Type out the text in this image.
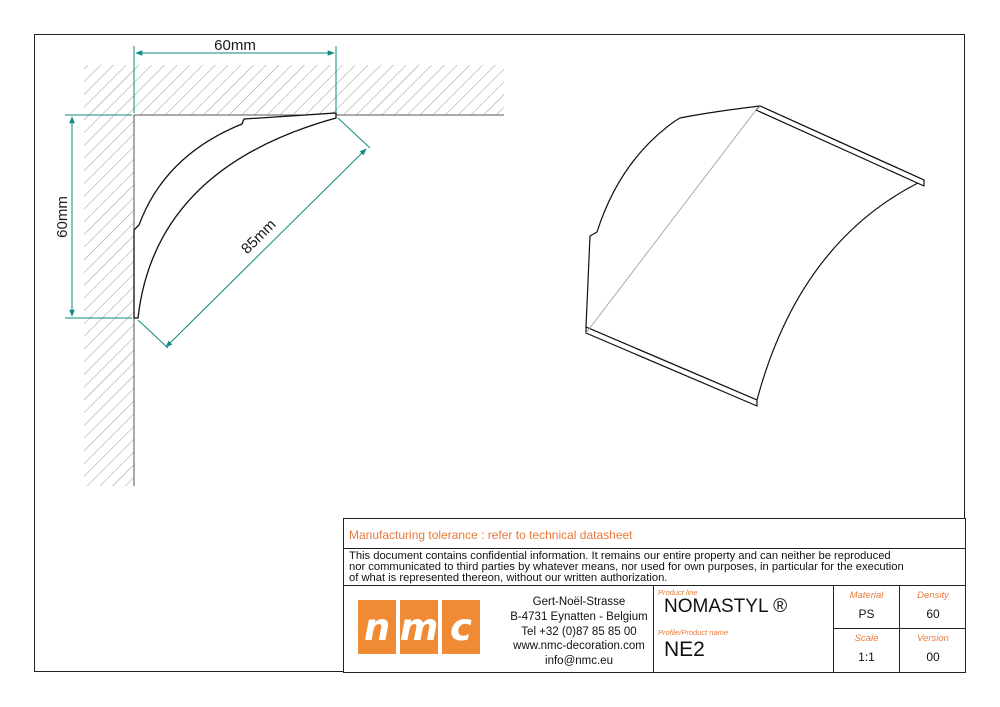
60mm
60mm	85mm
Manufacturing tolerance : refer to technical datasheet
This document contains confidential information. It remains our entire property and can neither be reproduced
nor communicated to third parties by whatever means, nor used for own purposes, in particular for the execution
of what is represented thereon, without our written authorization.
n m c
Gert-Noël-Strasse
B-4731 Eynatten - Belgium
Tel +32 (0)87 85 85 00
www.nmc-decoration.com
info@nmc.eu
Product line
NOMASTYL ®
Profile/Product name
NE2
Material
PS
Density
60
Scale
1:1
Version
00
